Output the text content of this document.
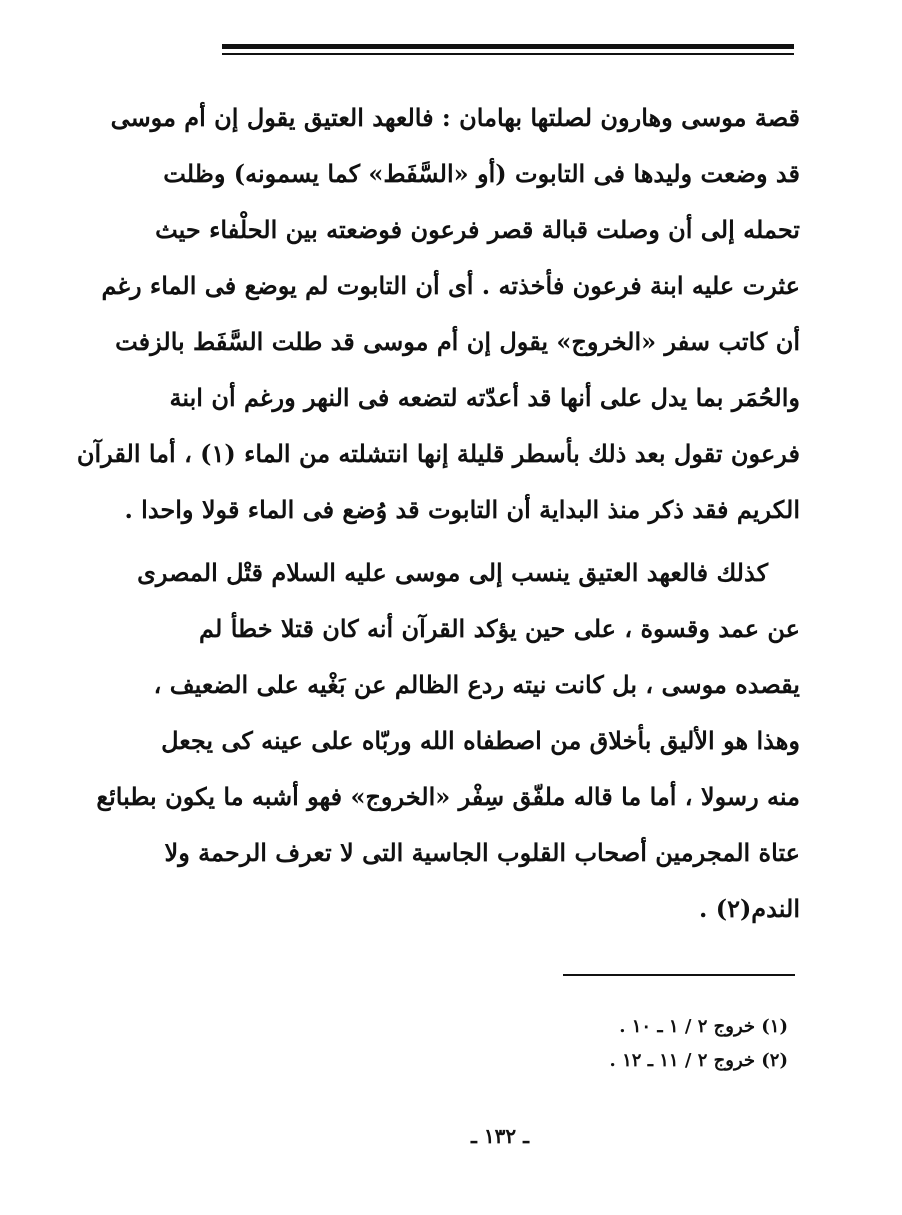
قصة موسى وهارون لصلتها بهامان : فالعهد العتيق يقول إن أم موسى
قد وضعت وليدها فى التابوت (أو «السَّفَط» كما يسمونه) وظلت
تحمله إلى أن وصلت قبالة قصر فرعون فوضعته بين الحلْفاء حيث
عثرت عليه ابنة فرعون فأخذته . أى أن التابوت لم يوضع فى الماء رغم
أن كاتب سفر «الخروج» يقول إن أم موسى قد طلت السَّفَط بالزفت
والحُمَر بما يدل على أنها قد أعدّته لتضعه فى النهر ورغم أن ابنة
فرعون تقول بعد ذلك بأسطر قليلة إنها انتشلته من الماء (١) ، أما القرآن
الكريم فقد ذكر منذ البداية أن التابوت قد وُضع فى الماء قولا واحدا .
كذلك فالعهد العتيق ينسب إلى موسى عليه السلام قتْل المصرى
عن عمد وقسوة ، على حين يؤكد القرآن أنه كان قتلا خطأ لم
يقصده موسى ، بل كانت نيته ردع الظالم عن بَغْيه على الضعيف ،
وهذا هو الأليق بأخلاق من اصطفاه الله وربّاه على عينه كى يجعل
منه رسولا ، أما ما قاله ملفّق سِفْر «الخروج» فهو أشبه ما يكون بطبائع
عتاة المجرمين أصحاب القلوب الجاسية التى لا تعرف الرحمة ولا
الندم(٢) .
(١) خروج ٢ / ١ ـ ١٠ .
(٢) خروج ٢ / ١١ ـ ١٢ .
ـ ١٣٢ ـ
